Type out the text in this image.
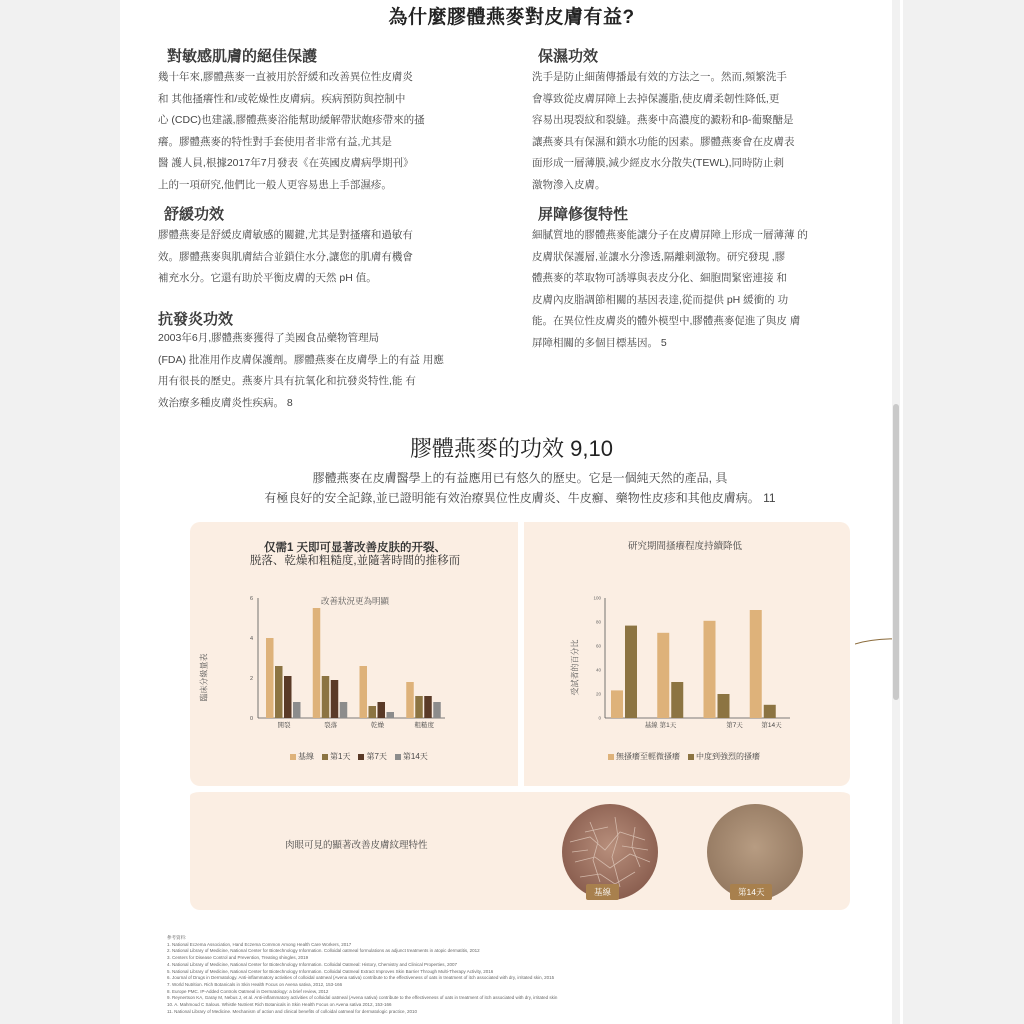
為什麼膠體燕麥對皮膚有益?
對敏感肌膚的絕佳保護
幾十年來,膠體燕麥一直被用於舒緩和改善異位性皮膚炎
和 其他搔癢性和/或乾燥性皮膚病。疾病預防與控制中
心 (CDC)也建議,膠體燕麥浴能幫助緩解帶狀皰疹帶來的搔
癢。膠體燕麥的特性對手套使用者非常有益,尤其是
醫 護人員,根據2017年7月發表《在英國皮膚病學期刊》
上的一項研究,他們比一般人更容易患上手部濕疹。
舒緩功效
膠體燕麥是舒緩皮膚敏感的關鍵,尤其是對搔癢和過敏有
效。膠體燕麥與肌膚結合並鎖住水分,讓您的肌膚有機會
補充水分。它還有助於平衡皮膚的天然 pH 值。
抗發炎功效
2003年6月,膠體燕麥獲得了美國食品藥物管理局
(FDA) 批准用作皮膚保護劑。膠體燕麥在皮膚學上的有益 用應
用有很長的歷史。燕麥片具有抗氧化和抗發炎特性,能 有
效治療多種皮膚炎性疾病。 8
保濕功效
洗手是防止細菌傳播最有效的方法之一。然而,頻繁洗手
會導致從皮膚屏障上去掉保護脂,使皮膚柔韌性降低,更
容易出現裂紋和裂縫。燕麥中高濃度的澱粉和β-葡聚醣是
讓燕麥具有保濕和鎖水功能的因素。膠體燕麥會在皮膚表
面形成一層薄膜,減少經皮水分散失(TEWL),同時防止刺
激物滲入皮膚。
屏障修復特性
細膩質地的膠體燕麥能讓分子在皮膚屏障上形成一層薄薄 的
皮膚狀保護層,並讓水分滲透,隔離刺激物。研究發現 ,膠
體燕麥的萃取物可誘導與表皮分化、細胞間緊密連接 和
皮膚內皮脂調節相關的基因表達,從而提供 pH 緩衝的 功
能。在異位性皮膚炎的體外模型中,膠體燕麥促進了與皮 膚
屏障相關的多個目標基因。 5
膠體燕麥的功效 9,10
膠體燕麥在皮膚醫學上的有益應用已有悠久的歷史。它是一個純天然的產品, 具
有極良好的安全記錄,並已證明能有效治療異位性皮膚炎、牛皮癬、藥物性皮疹和其他皮膚病。 11
仅需1 天即可显著改善皮肤的开裂、
脱落、乾燥和粗糙度,並隨著時間的推移而
改善狀況更為明顯
臨床分級量表
0
2
4
6
開裂	裂落	乾燥	粗糙度
基線	第1天	第7天	第14天
研究期間搔癢程度持續降低
受試者的百分比
0
20
40
60
80
100
基線 第1天	第7天	第14天
無搔癢至輕微搔癢	中度到強烈的搔癢
肉眼可見的顯著改善皮膚紋理特性
基線	第14天
參考資料:
1. National Eczema Association, Hand Eczema Common Among Health Care Workers, 2017
2. National Library of Medicine, National Center for Biotechnology Information. Colloidal oatmeal formulations as adjunct treatments in atopic dermatitis, 2012
3. Centers for Disease Control and Prevention, Treating shingles, 2019
4. National Library of Medicine, National Center for Biotechnology Information. Colloidal Oatmeal: History, Chemistry and Clinical Properties, 2007
5. National Library of Medicine, National Center for Biotechnology Information. Colloidal Oatmeal Extract Improves Skin Barrier Through Multi-Therapy Activity, 2016
6. Journal of Drugs in Dermatology. Anti-inflammatory activities of colloidal oatmeal (Avena sativa) contribute to the effectiveness of oats in treatment of itch associated with dry, irritated skin, 2015
7. World Nutrition. Rich Botanicals in Skin Health Focus on Avena sativa, 2012, 153-166
8. Europe PMC. IP-Added Controls Oatmeal in Dermatology: a brief review, 2012
9. Reynertson KA, Garay M, Nebus J, et al. Anti-inflammatory activities of colloidal oatmeal (Avena sativa) contribute to the effectiveness of oats in treatment of itch associated with dry, irritated skin
10. A. Mahmoud C Salous. Whistle Nutrient Rich Botanicals in Skin Health Focus on Avena sativa 2012, 153-166
11. National Library of Medicine. Mechanism of action and clinical benefits of colloidal oatmeal for dermatologic practice, 2010
